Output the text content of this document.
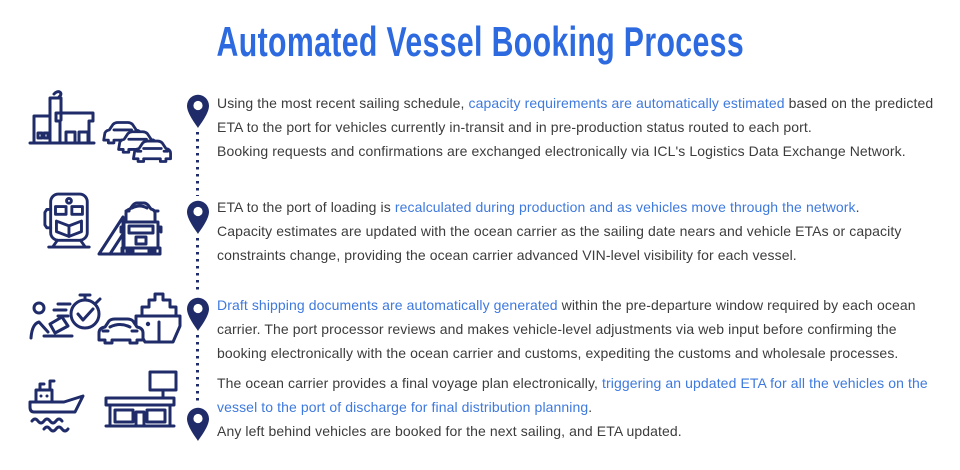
Automated Vessel Booking Process
Using the most recent sailing schedule, capacity requirements are automatically estimated based on the predicted
ETA to the port for vehicles currently in-transit and in pre-production status routed to each port.
Booking requests and confirmations are exchanged electronically via ICL's Logistics Data Exchange Network.
ETA to the port of loading is recalculated during production and as vehicles move through the network.
Capacity estimates are updated with the ocean carrier as the sailing date nears and vehicle ETAs or capacity
constraints change, providing the ocean carrier advanced VIN-level visibility for each vessel.
Draft shipping documents are automatically generated within the pre-departure window required by each ocean
carrier. The port processor reviews and makes vehicle-level adjustments via web input before confirming the
booking electronically with the ocean carrier and customs, expediting the customs and wholesale processes.
The ocean carrier provides a final voyage plan electronically, triggering an updated ETA for all the vehicles on the
vessel to the port of discharge for final distribution planning.
Any left behind vehicles are booked for the next sailing, and ETA updated.
